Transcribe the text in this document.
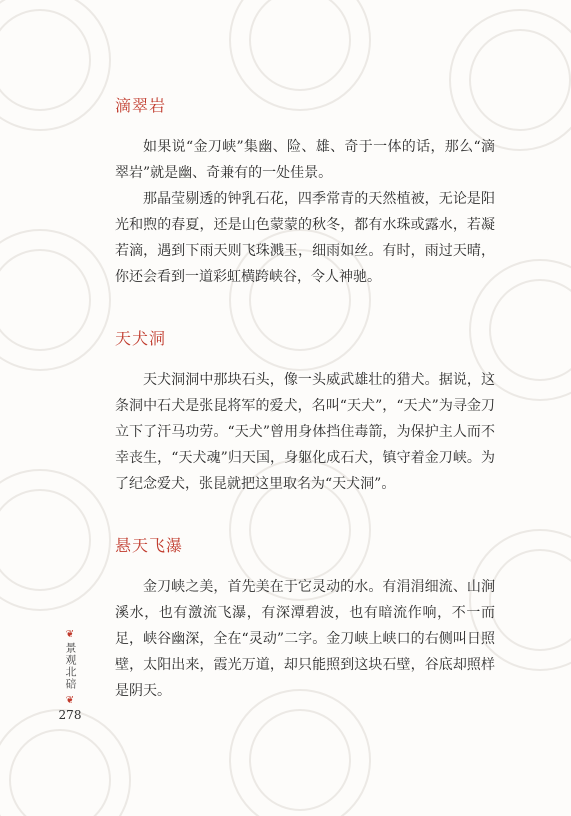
滴翠岩

如果说“金刀峡”集幽、险、雄、奇于一体的话，那么“滴翠岩”就是幽、奇兼有的一处佳景。

那晶莹剔透的钟乳石花，四季常青的天然植被，无论是阳光和煦的春夏，还是山色蒙蒙的秋冬，都有水珠或露水，若凝若滴，遇到下雨天则飞珠溅玉，细雨如丝。有时，雨过天晴，你还会看到一道彩虹横跨峡谷，令人神驰。

天犬洞

天犬洞洞中那块石头，像一头威武雄壮的猎犬。据说，这条洞中石犬是张昆将军的爱犬，名叫“天犬”，“天犬”为寻金刀立下了汗马功劳。“天犬”曾用身体挡住毒箭，为保护主人而不幸丧生，“天犬魂”归天国，身躯化成石犬，镇守着金刀峡。为了纪念爱犬，张昆就把这里取名为“天犬洞”。

悬天飞瀑

金刀峡之美，首先美在于它灵动的水。有涓涓细流、山涧溪水，也有激流飞瀑，有深潭碧波，也有暗流作响，不一而足，峡谷幽深，全在“灵动”二字。金刀峡上峡口的右侧叫日照壁，太阳出来，霞光万道，却只能照到这块石壁，谷底却照样是阴天。

❦
景观北碚
❦
278
